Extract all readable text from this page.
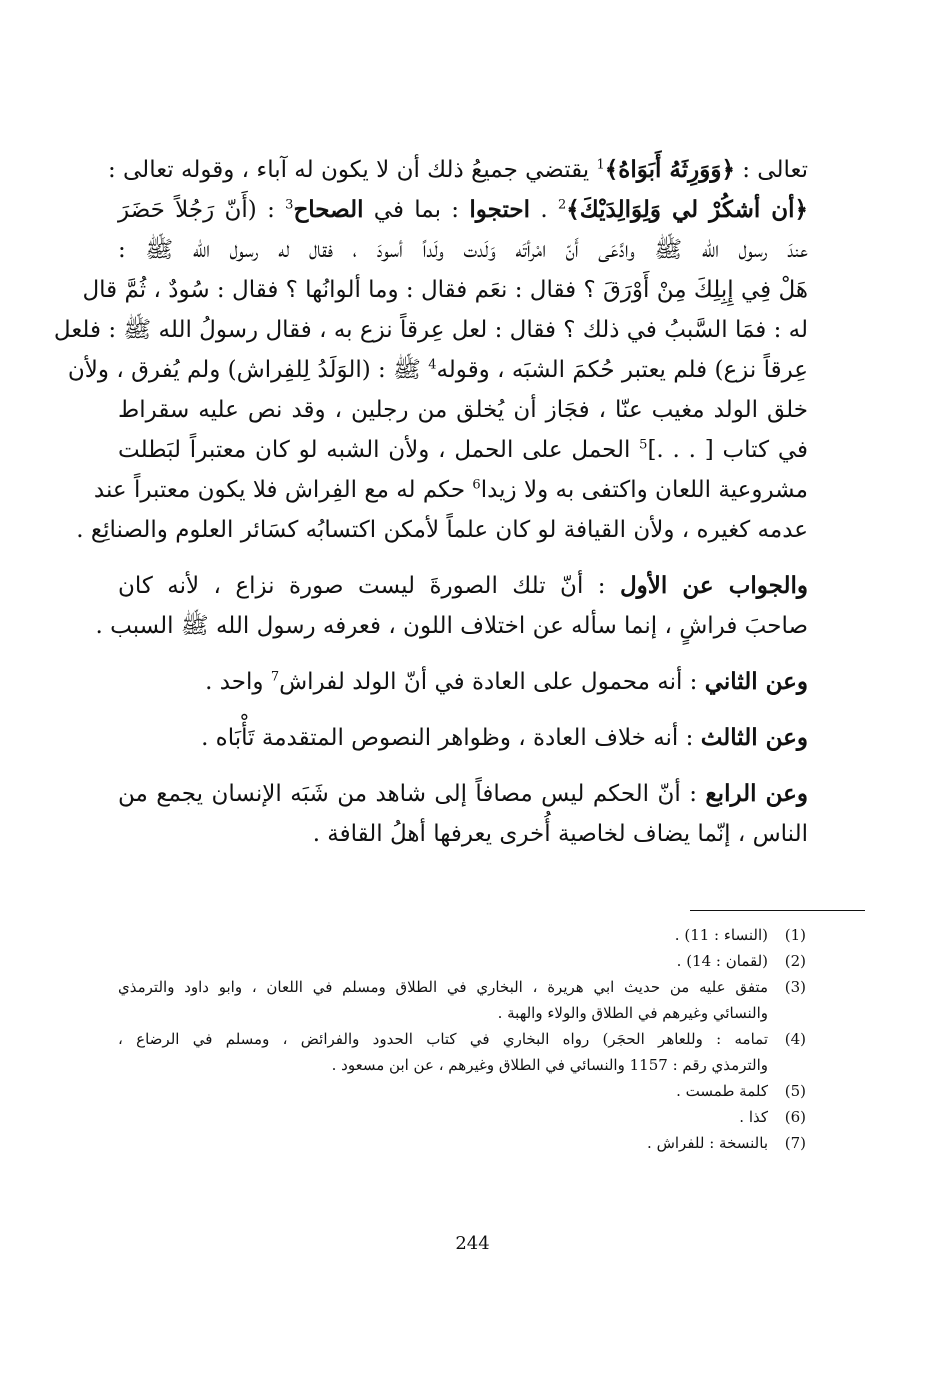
تعالى : ﴿وَوَرِثَهُ أَبَوَاهُ﴾$^1$ يقتضي جميعُ ذلك أن لا يكون له آباء ، وقوله تعالى :
﴿أن أشكُرْ لي وَلِوَالِدَيْكَ﴾$^2$ . احتجوا : بما في الصحاح$^3$ : (أَنّ رَجُلاً حَضَرَ
عندَ رسول الله ﷺ وادَّعَى أَنّ امْرأتَه وَلَدت ولَداً أسودَ ، فقال له رسول الله ﷺ :
هَلْ فِي إِبِلِكَ مِنْ أَوْرَقَ ؟ فقال : نعَم فقال : وما ألوانُها ؟ فقال : سُودٌ ، ثُمَّ قال
له : فمَا السَّببُ في ذلك ؟ فقال : لعل عِرقاً نزع به ، فقال رسولُ الله ﷺ : فلعل
عِرقاً نزع) فلم يعتبر حُكمَ الشبَه ، وقوله$^4$ ﷺ : (الوَلَدُ لِلفِراش) ولم يُفرق ، ولأن
خلق الولد مغيب عنّا ، فجَاز أن يُخلق من رجلين ، وقد نص عليه سقراط
في كتاب [ . . .]$^5$ الحمل على الحمل ، ولأن الشبه لو كان معتبراً لبَطلت
مشروعية اللعان واكتفى به ولا زيدا$^6$ حكم له مع الفِراش فلا يكون معتبراً عند
عدمه كغيره ، ولأن القيافة لو كان علماً لأمكن اكتسابُه كسَائر العلوم والصنائِع .
والجواب عن الأول : أنّ تلك الصورةَ ليست صورة نزاع ، لأنه كان
صاحبَ فراشٍ ، إنما سأله عن اختلاف اللون ، فعرفه رسول الله ﷺ السبب .
وعن الثاني : أنه محمول على العادة في أنّ الولد لفراش$^7$ واحد .
وعن الثالث : أنه خلاف العادة ، وظواهر النصوص المتقدمة تَأْبَاه .
وعن الرابع : أنّ الحكم ليس مصافاً إلى شاهد من شَبَه الإنسان يجمع من
الناس ، إنّما يضاف لخاصية أُخرى يعرفها أهلُ القافة .
(1)
(النساء : 11) .
(2)
(لقمان : 14) .
(3)
متفق عليه من حديث ابي هريرة ، البخاري في الطلاق ومسلم في اللعان ، وابو داود والترمذي
والنسائي وغيرهم في الطلاق والولاء والهبة .
(4)
تمامه : وللعاهر الحجَر) رواه البخاري في كتاب الحدود والفرائض ، ومسلم في الرضاع ،
والترمذي رقم : 1157 والنسائي في الطلاق وغيرهم ، عن ابن مسعود .
(5)
كلمة طمست .
(6)
كذا .
(7)
بالنسخة : للفراش .
244
